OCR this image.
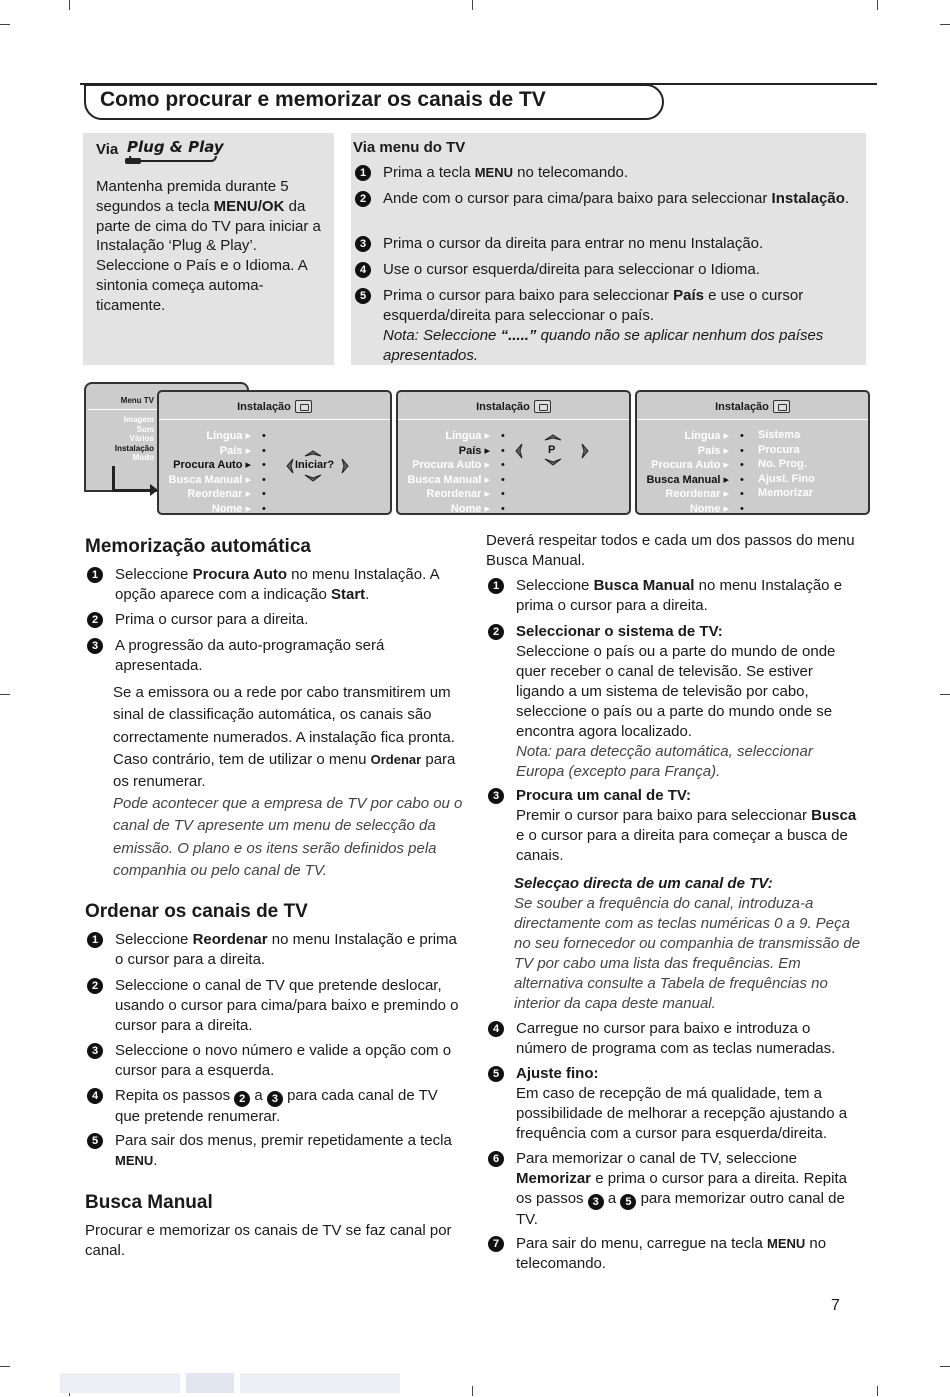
Como procurar e memorizar os canais de TV
Via Plug & Play
Mantenha premida durante 5 segundos a tecla MENU/OK da parte de cima do TV para iniciar a Instalação ‘Plug & Play’.
Seleccione o País e o Idioma. A sintonia começa automa-ticamente.
Via menu do TV
1	Prima a tecla MENU no telecomando.
2	Ande com o cursor para cima/para baixo para seleccionar Instalação.
3	Prima o cursor da direita para entrar no menu Instalação.
4	Use o cursor esquerda/direita para seleccionar o Idioma.
5	Prima o cursor para baixo para seleccionar País e use o cursor esquerda/direita para seleccionar o país.
Nota: Seleccione “.....” quando não se aplicar nenhum dos países apresentados.
Menu TV
Imagem
Som
Vários
Instalação
Modo
Instalação
Língua ▸
País ▸
Procura Auto ▸
Busca Manual ▸
Reordenar ▸
Nome ▸
•
•
•
•
•
•
Iniciar?
Instalação
Língua ▸
País ▸
Procura Auto ▸
Busca Manual ▸
Reordenar ▸
Nome ▸
•
•
•
•
•
•
P
Instalação
Língua ▸
País ▸
Procura Auto ▸
Busca Manual ▸
Reordenar ▸
Nome ▸
•
•
•
•
•
•
Sistema
Procura
No. Prog.
Ajust. Fino
Memorizar
Memorização automática
1	Seleccione Procura Auto no menu Instalação. A opção aparece com a indicação Start.
2	Prima o cursor para a direita.
3	A progressão da auto-programação será apresentada.
Se a emissora ou a rede por cabo transmitirem um sinal de classificação automática, os canais são correctamente numerados. A instalação fica pronta. Caso contrário, tem de utilizar o menu Ordenar para os renumerar.
Pode acontecer que a empresa de TV por cabo ou o canal de TV apresente um menu de selecção da emissão. O plano e os itens serão definidos pela companhia ou pelo canal de TV.
Ordenar os canais de TV
1	Seleccione Reordenar no menu Instalação e prima o cursor para a direita.
2	Seleccione o canal de TV que pretende deslocar, usando o cursor para cima/para baixo e premindo o cursor para a direita.
3	Seleccione o novo número e valide a opção com o cursor para a esquerda.
4	Repita os passos 2 a 3 para cada canal de TV que pretende renumerar.
5	Para sair dos menus, premir repetidamente a tecla MENU.
Busca Manual
Procurar e memorizar os canais de TV se faz canal por canal.
Deverá respeitar todos e cada um dos passos do menu Busca Manual.
1	Seleccione Busca Manual no menu Instalação e prima o cursor para a direita.
2	Seleccionar o sistema de TV:
Seleccione o país ou a parte do mundo de onde quer receber o canal de televisão. Se estiver ligando a um sistema de televisão por cabo, seleccione o país ou a parte do mundo onde se encontra agora localizado.
Nota: para detecção automática, seleccionar Europa (excepto para França).
3	Procura um canal de TV:
Premir o cursor para baixo para seleccionar Busca e o cursor para a direita para começar a busca de canais.
Selecçao directa de um canal de TV:
Se souber a frequência do canal, introduza-a directamente com as teclas numéricas 0 a 9. Peça no seu fornecedor ou companhia de transmissão de TV por cabo uma lista das frequências. Em alternativa consulte a Tabela de frequências no interior da capa deste manual.
4	Carregue no cursor para baixo e introduza o número de programa com as teclas numeradas.
5	Ajuste fino:
Em caso de recepção de má qualidade, tem a possibilidade de melhorar a recepção ajustando a frequência com a cursor para esquerda/direita.
6	Para memorizar o canal de TV, seleccione Memorizar e prima o cursor para a direita. Repita os passos 3 a 5 para memorizar outro canal de TV.
7	Para sair do menu, carregue na tecla MENU no telecomando.
7
